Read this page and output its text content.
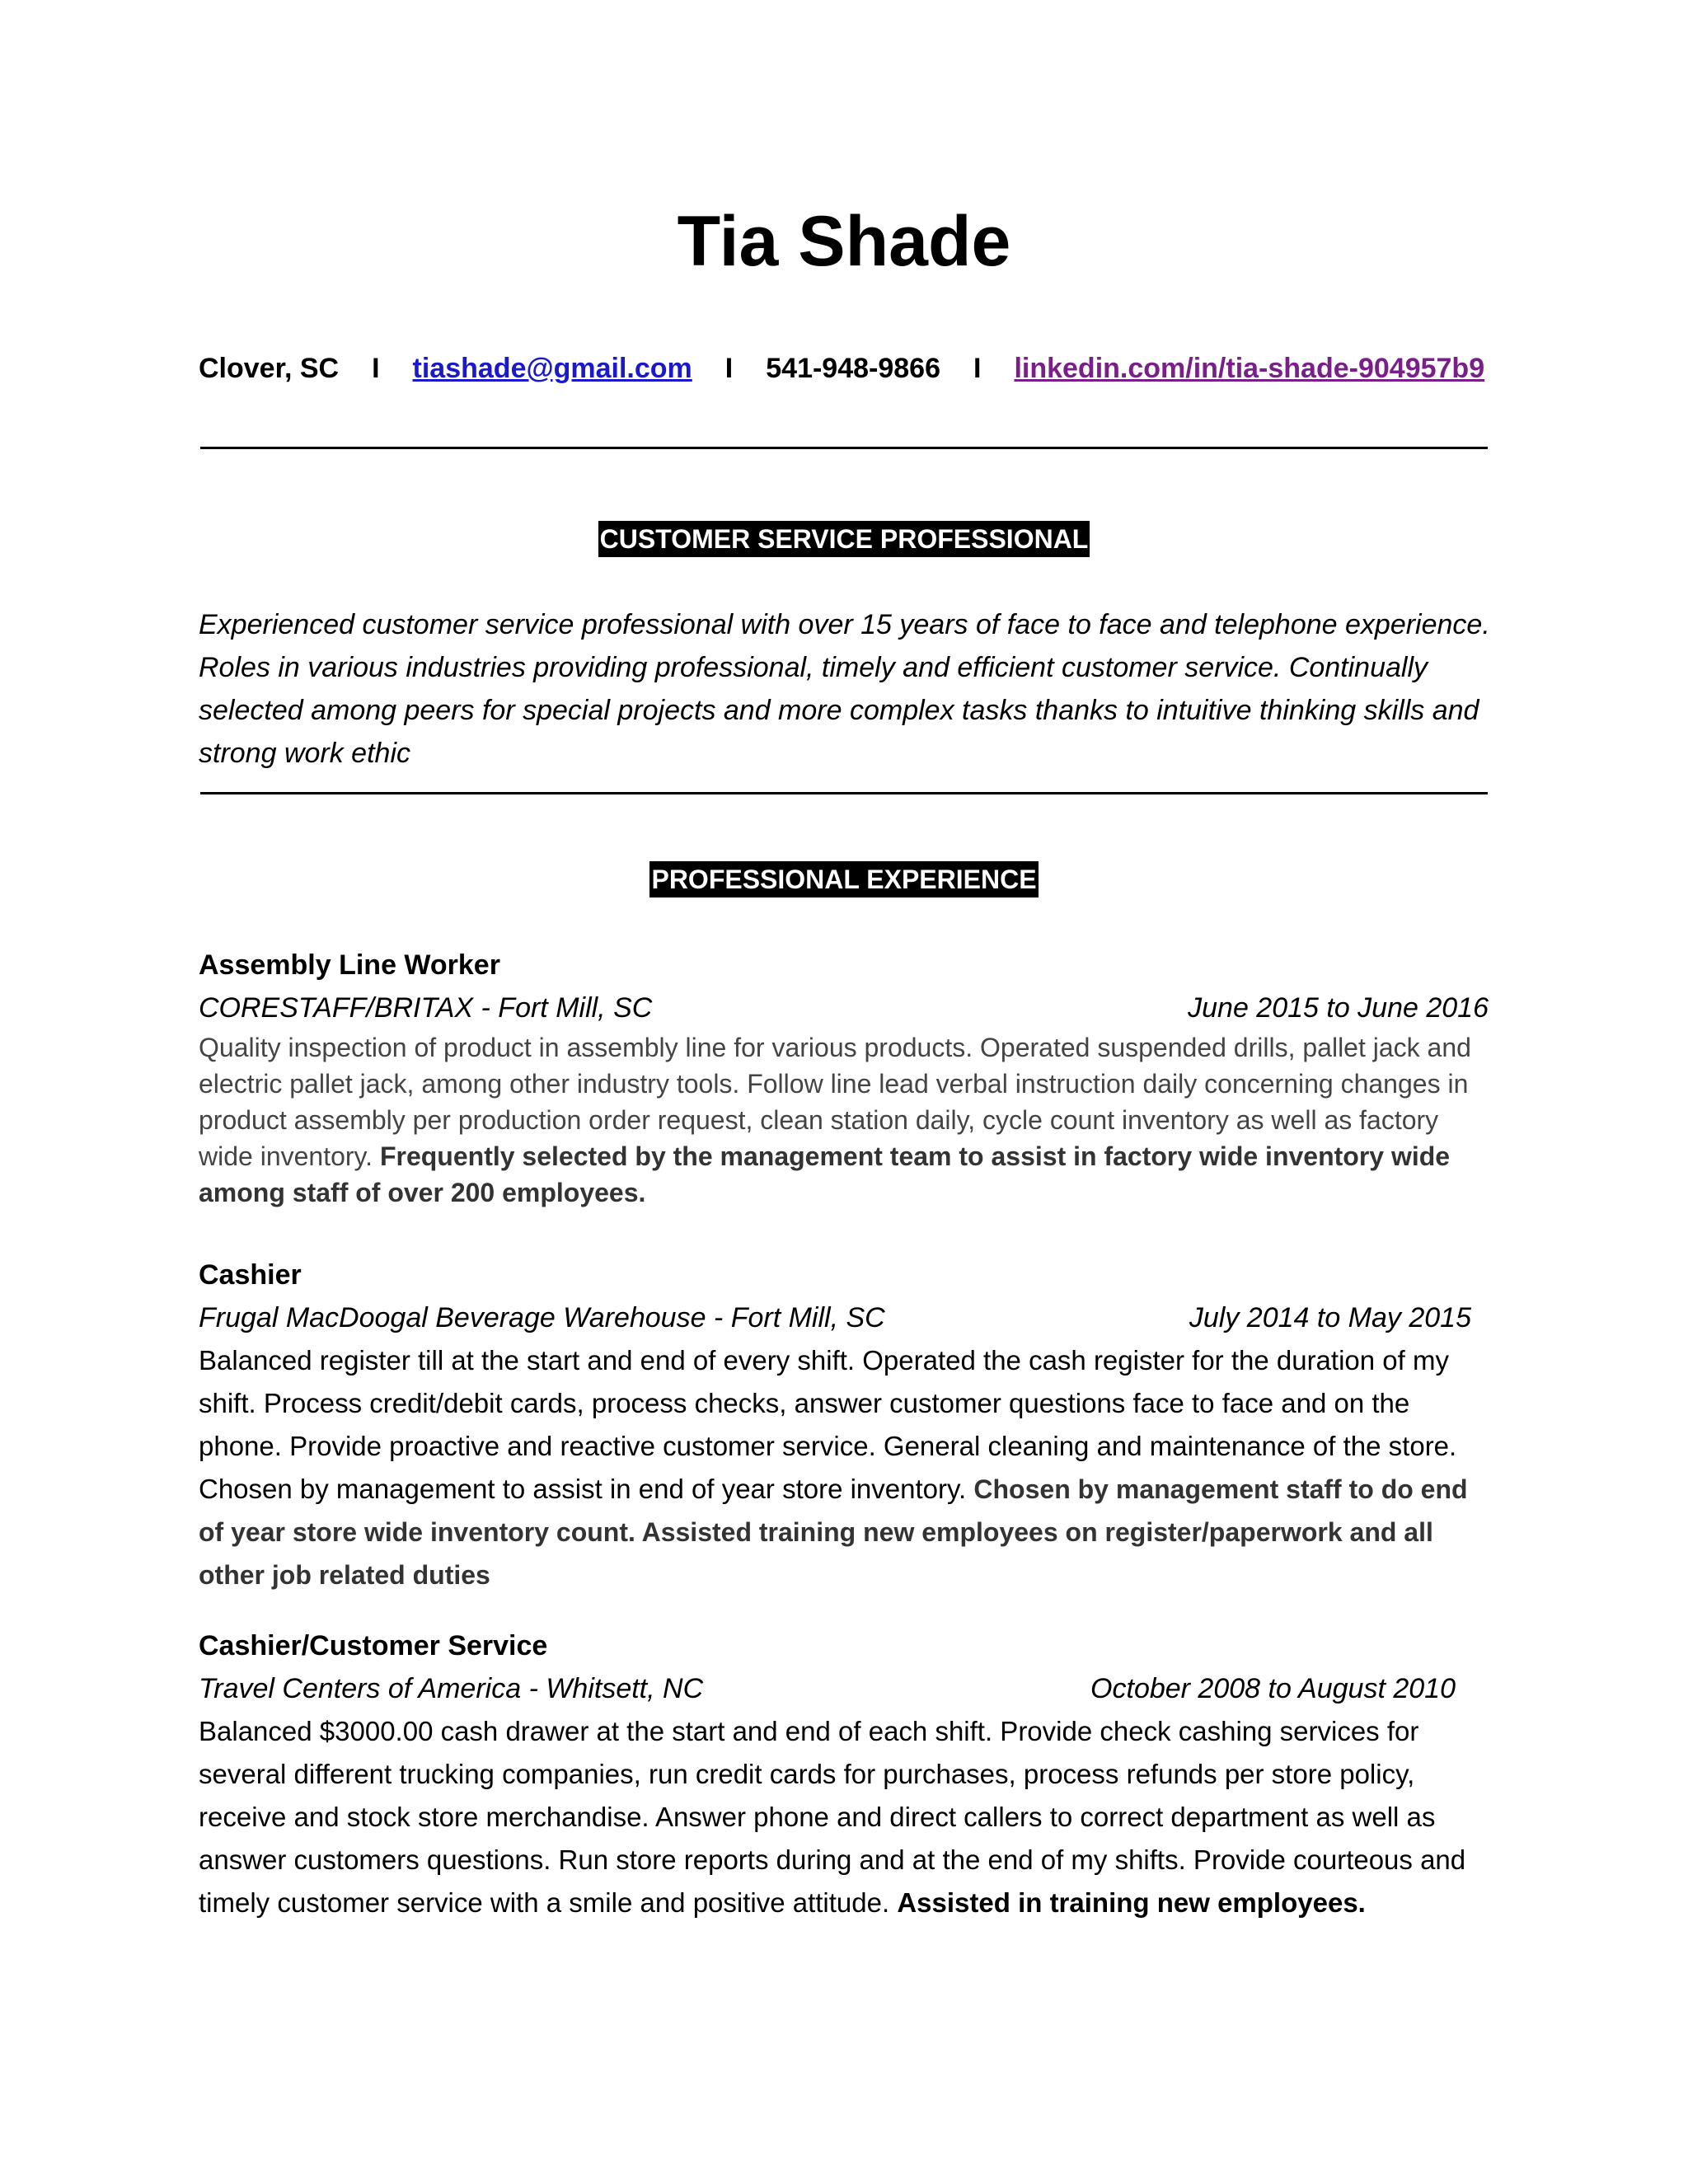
Tia Shade
Clover, SC I tiashade@gmail.com I 541-948-9866 I linkedin.com/in/tia-shade-904957b9
CUSTOMER SERVICE PROFESSIONAL
Experienced customer service professional with over 15 years of face to face and telephone experience. Roles in various industries providing professional, timely and efficient customer service. Continually selected among peers for special projects and more complex tasks thanks to intuitive thinking skills and strong work ethic
PROFESSIONAL EXPERIENCE
Assembly Line Worker
CORESTAFF/BRITAX - Fort Mill, SC	June 2015 to June 2016
Quality inspection of product in assembly line for various products. Operated suspended drills, pallet jack and electric pallet jack, among other industry tools. Follow line lead verbal instruction daily concerning changes in product assembly per production order request, clean station daily, cycle count inventory as well as factory wide inventory. Frequently selected by the management team to assist in factory wide inventory wide among staff of over 200 employees.
Cashier
Frugal MacDoogal Beverage Warehouse - Fort Mill, SC	July 2014 to May 2015
Balanced register till at the start and end of every shift. Operated the cash register for the duration of my shift. Process credit/debit cards, process checks, answer customer questions face to face and on the phone. Provide proactive and reactive customer service. General cleaning and maintenance of the store. Chosen by management to assist in end of year store inventory. Chosen by management staff to do end of year store wide inventory count. Assisted training new employees on register/paperwork and all other job related duties
Cashier/Customer Service
Travel Centers of America - Whitsett, NC	October 2008 to August 2010
Balanced $3000.00 cash drawer at the start and end of each shift. Provide check cashing services for several different trucking companies, run credit cards for purchases, process refunds per store policy, receive and stock store merchandise. Answer phone and direct callers to correct department as well as answer customers questions. Run store reports during and at the end of my shifts. Provide courteous and timely customer service with a smile and positive attitude. Assisted in training new employees.
